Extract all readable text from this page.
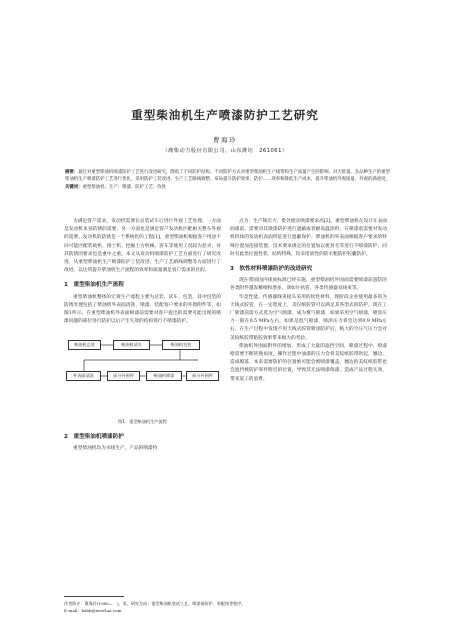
重型柴油机生产喷漆防护工艺研究
曹海玲
（潍柴动力股份有限公司，山东潍坊　261061）
摘要：通过对重型柴油机喷漆防护工艺进行改进研究，降低了不同防护结构、不同防护方式对重型柴油机生产线带和生产质量产生的影响。对大批量、多品种生产的重型柴油机生产喷漆防护工艺进行优化，采用防护工装改进、生产工艺路线调整、布局提升防护效果，防护……效率和降低生产成本，提升柴油机外观质量，外观的满意度。
关键词：重型柴油机；生产；喷漆；防护工艺；改进

为满足客户需求，发动机需要在总装试车后进行外观工艺处理。一方面是发动机本身防锈的需要，另一方面也是满足客户发动机匹配相关整车外观的需要。发动机的防锈是一个系统化的工程[1]，重型柴油机根据客户用途不同可能匹配装载机、推土机、挖掘土方机械、客车等使用工况较为恶劣，对其防锈的要求也是重中之重。本文从发动机喷漆防护工艺方面进行了研究改进，从重型柴油机生产喷漆防护工装改进、生产工艺路线调整等方面进行了改进，以达到提升柴油机生产流程的效率和质量满足客户需求的目的。

1　重型柴油机生产流程

重型柴油机整体的宏观生产流程主要为总装、试车、包装，其中包装的防锈处理包括了柴油机外表面清洗、喷漆、装配客户要求的外围附件等，如图1所示。在重型柴油机外表面喷漆前需要对客户提出的需要可能出现的喷漆问题的部位进行防护以后产生失效的结构进行不喷漆防护。

柴油机总装	柴油机试车	柴油机包装
外表面清洗	部分外围件	柴油机喷漆	部分外围件
图1　重型柴油机生产流程
2　重型柴油机喷漆防护

重型柴油机均为水线生产，产品的喷漆特

点为：生产频次大、批处理及喷漆要求高[2]。重型柴油机在设计在表面油漆前，需要对其喷漆防护进行遮蔽或者耐高温涂料，在喷漆前需要对发动机机体的发动机表面特征进行遮蔽保护。柴油机的外表面根据客户要求的特殊位置加连接装置，技术要求规定的位置加以密封毛等进行不喷漆防护，同时有此类位置性状、结构特殊，均采用软性的防水粗防护胶囊防护。

3　软性材料喷漆防护的改进研究

现在我国国内排放标准已经实施，重型柴油机外国面需要喷漆前遮防的各类附件越发精细和增多，请如片执管、各类传感器及线束等。

毕竟性能、传感器线束接头采用的软性材料，现阶段企业使用最多的为天线式胶管，在一定程度上，美仅纸胶管可以满足其各型式的防护。现在工厂喷漆前需方式选为空气喷漆，成为雾气喷漆，如果采用空气喷漆，喷涂压力一般在0.5 MPa左右，如果是混气喷漆，喷涂压力将会达到0.9 MPa左右。在生产过程中发现不用天线式胶管喷涂防护后，纸大的空压气压力会对美纹纸胶带粘胶效果带来极大的考验。

柴油机外围面附件的增加，形成了大量的遮挡空间，喷漆过程中，喷漆枪需要不断转换角度，操作过程中油漆的压力会将美纹纸胶带吹起，翘边，造成脱落，本来需要防护的位置被可能会被喷漆覆盖，翘边的美纹纸胶带也会遮挡被防护零件附近的位置，导致其无法喷漆保漆，造成产品过程失效，带来返工的浪费。

作者简介：曹海玲(1980—　)，男，研究方向：重型柴油机装试工艺，喷漆前防护、装配线等程序。
E-mail：hzhb@weichai.com
